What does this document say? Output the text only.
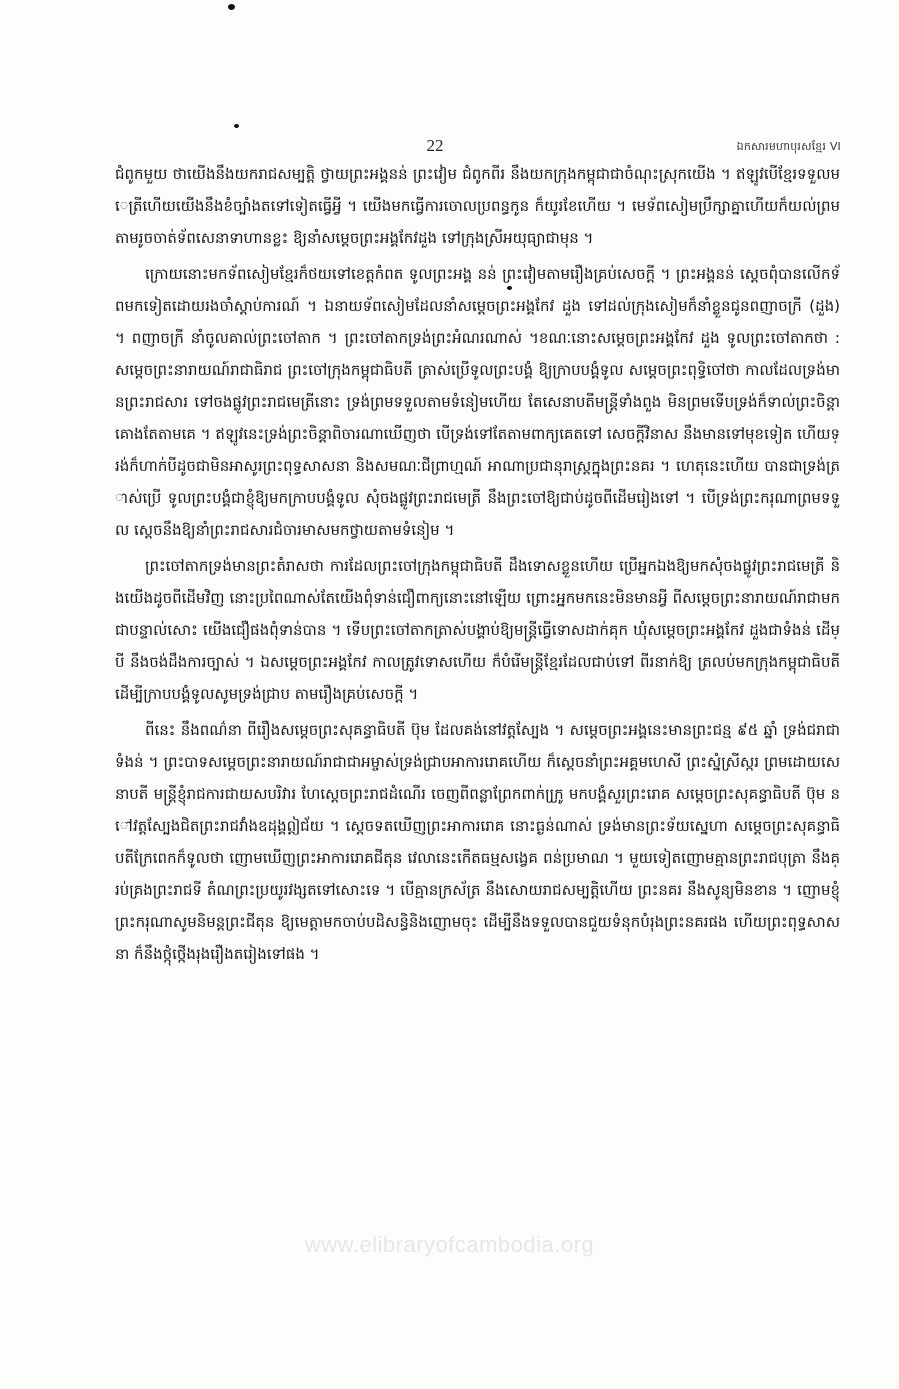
22	ឯកសារមហាបុរសខ្មែរ VI

ជំពូកមួយ ថាយើងនឹងយករាជសម្បត្តិ ថ្វាយព្រះអង្គនន់ ព្រះវៀម ជំពូកពីរ នឹងយកក្រុងកម្ពុជាជាចំណុះស្រុកយើង ។ ឥឡូវបើខ្មែរទទួលមេត្រីហើយយើងនឹងខំច្បាំងតទៅទៀតធ្វើអ្វី ។ យើងមកធ្វើការចោលប្រពន្ធកូន ក៏យូរខែហើយ ។ មេទ័ពសៀមប្រឹក្សាគ្នាហើយក៏យល់ព្រមតាមរូចចាត់ទ័ពសេនាទាហានខ្លះ ឱ្យនាំសម្តេចព្រះអង្គកែវដួង ទៅក្រុងស្រីអយុធ្យាជាមុន ។

ក្រោយនោះមកទ័ពសៀមខ្មែរក៏ថយទៅខេត្តកំពត ទូលព្រះអង្គ នន់ ព្រះវៀមតាមរឿងគ្រប់សេចក្តី ។ ព្រះអង្គនន់ ស្តេចពុំបានលើកទ័ពមកទៀតដោយរងចាំស្តាប់ការណ៍ ។ ឯនាយទ័ពសៀមដែលនាំសម្តេចព្រះអង្គកែវ ដួង ទៅដល់ក្រុងសៀមក៏នាំខ្លួនជូនពញាចក្រី (ដួង) ។ ពញាចក្រី នាំចូលគាល់ព្រះចៅតាក ។ ព្រះចៅតាកទ្រង់ព្រះអំណរណាស់ ។ខណៈនោះសម្តេចព្រះអង្គកែវ ដួង ទូលព្រះចៅតាកថា : សម្តេចព្រះនារាយណ៍រាជាធិរាជ ព្រះចៅក្រុងកម្ពុជាធិបតី ត្រាស់ប្រើទូលព្រះបង្គំ ឱ្យក្រាបបង្គំទូល សម្តេចព្រះពុទ្ធិចៅថា កាលដែលទ្រង់មានព្រះរាជសារ ទៅចងផ្លូវព្រះរាជមេត្រីនោះ ទ្រង់ព្រមទទួលតាមទំនៀមហើយ តែសេនាបតីមន្ត្រីទាំងពួង មិនព្រមទើបទ្រង់ក៏ទាល់ព្រះចិន្តា គោងតែតាមគេ ។ ឥឡូវនេះទ្រង់ព្រះចិន្តាពិចារណាឃើញថា បើទ្រង់ទៅតែតាមពាក្យគេតទៅ សេចក្តីវិនាស នឹងមានទៅមុខទៀត ហើយទ្រង់ក៏ហាក់បីដូចជាមិនអាសូរព្រះពុទ្ធសាសនា និងសមណៈជីព្រាហ្មណ៍ អាណាប្រជានុរាស្ត្រក្នុងព្រះនគរ ។ ហេតុនេះហើយ បានជាទ្រង់ត្រាស់ប្រើ ទូលព្រះបង្គំជាខ្ញុំឱ្យមកក្រាបបង្គំទូល សុំចងផ្លូវព្រះរាជមេត្រី នឹងព្រះចៅឱ្យជាប់ដូចពីដើមរៀងទៅ ។ បើទ្រង់ព្រះករុណាព្រមទទួល ស្តេចនឹងឱ្យនាំព្រះរាជសារជំចារមាសមកថ្វាយតាមទំនៀម ។

ព្រះចៅតាកទ្រង់មានព្រះតំរាសថា ការដែលព្រះចៅក្រុងកម្ពុជាធិបតី ដឹងទោសខ្លួនហើយ ប្រើអ្នកឯងឱ្យមកសុំចងផ្លូវព្រះរាជមេត្រី និងយើងដូចពីដើមវិញ នោះប្រពៃណាស់តែយើងពុំទាន់ជឿពាក្យនោះនៅឡើយ ព្រោះអ្នកមកនេះមិនមានអ្វី ពីសម្តេចព្រះនារាយណ៍រាជាមកជាបន្ទាល់សោះ យើងជឿផងពុំទាន់បាន ។ ទើបព្រះចៅតាកត្រាស់បង្គាប់ឱ្យមន្ត្រីធ្វើទោសដាក់គុក ឃុំសម្តេចព្រះអង្គកែវ ដួងជាទំងន់ ដើម្បី នឹងចង់ដឹងការច្បាស់ ។ ឯសម្តេចព្រះអង្គកែវ កាលត្រូវទោសហើយ ក៏បំរើមន្ត្រីខ្មែរដែលជាប់ទៅ ពីរនាក់ឱ្យ ត្រលប់មកក្រុងកម្ពុជាធិបតី ដើម្បីក្រាបបង្គំទូលសូមទ្រង់ជ្រាប តាមរឿងគ្រប់សេចក្តី ។

ពីនេះ នឹងពណ៌នា ពីរឿងសម្តេចព្រះសុគន្ធាធិបតី ប៊ុម ដែលគង់នៅវត្តស្បែង ។ សម្តេចព្រះអង្គនេះមានព្រះជន្ម ៩៥ ឆ្នាំ ទ្រង់ជរាជាទំងន់ ។ ព្រះបាទសម្តេចព្រះនារាយណ៍រាជាជាអម្ចាស់ទ្រង់ជ្រាបអាការរោគហើយ ក៏ស្តេចនាំព្រះអគ្គមហេសី ព្រះស្នំស្រីស្ករ ព្រមដោយសេនាបតី មន្ត្រីខ្ញុំរាជការជាយសបរិវារ ហែស្តេចព្រះរាជដំណើរ ចេញពីពន្លាព្រែកពាក់ក្រូ្រ មកបង្គំសួរព្រះរោគ សម្តេចព្រះសុគន្ធាធិបតី ប៊ុម នៅវត្តស្បែងជិតព្រះរាជវាំងឧដុង្គឦជ័យ ។ ស្តេចទតឃើញព្រះអាការរោគ នោះធ្ងន់ណាស់ ទ្រង់មានព្រះទ័យស្នេហា សម្តេចព្រះសុគន្ធាធិបតីក្រែពេកក៏ទូលថា ញោមឃើញព្រះអាការរោគជីតុន វេលានេះកើតធម្មសង្វេគ ពន់ប្រមាណ ។ មួយទៀតញោមគ្មានព្រះរាជបុត្រា នឹងគ្រប់គ្រងព្រះរាជទី តំណព្រះប្រយូរវង្សតទៅសោះទេ ។ បើគ្មានក្រស័ត្រ នឹងសោយរាជសម្បត្តិហើយ ព្រះនគរ នឹងសូន្យមិនខាន ។ ញោមខ្ញុំព្រះករុណាសូមនិមន្តព្រះជីតុន ឱ្យមេត្តាមកចាប់បដិសន្ធិនិងញោមចុះ ដើម្បីនឹងទទួលបានជួយទំនុកបំរុងព្រះនគរផង ហើយព្រះពុទ្ធសាសនា ក៏នឹងថ្កុំថ្កើងរុងរឿងតរៀងទៅផង ។

www.elibraryofcambodia.org
